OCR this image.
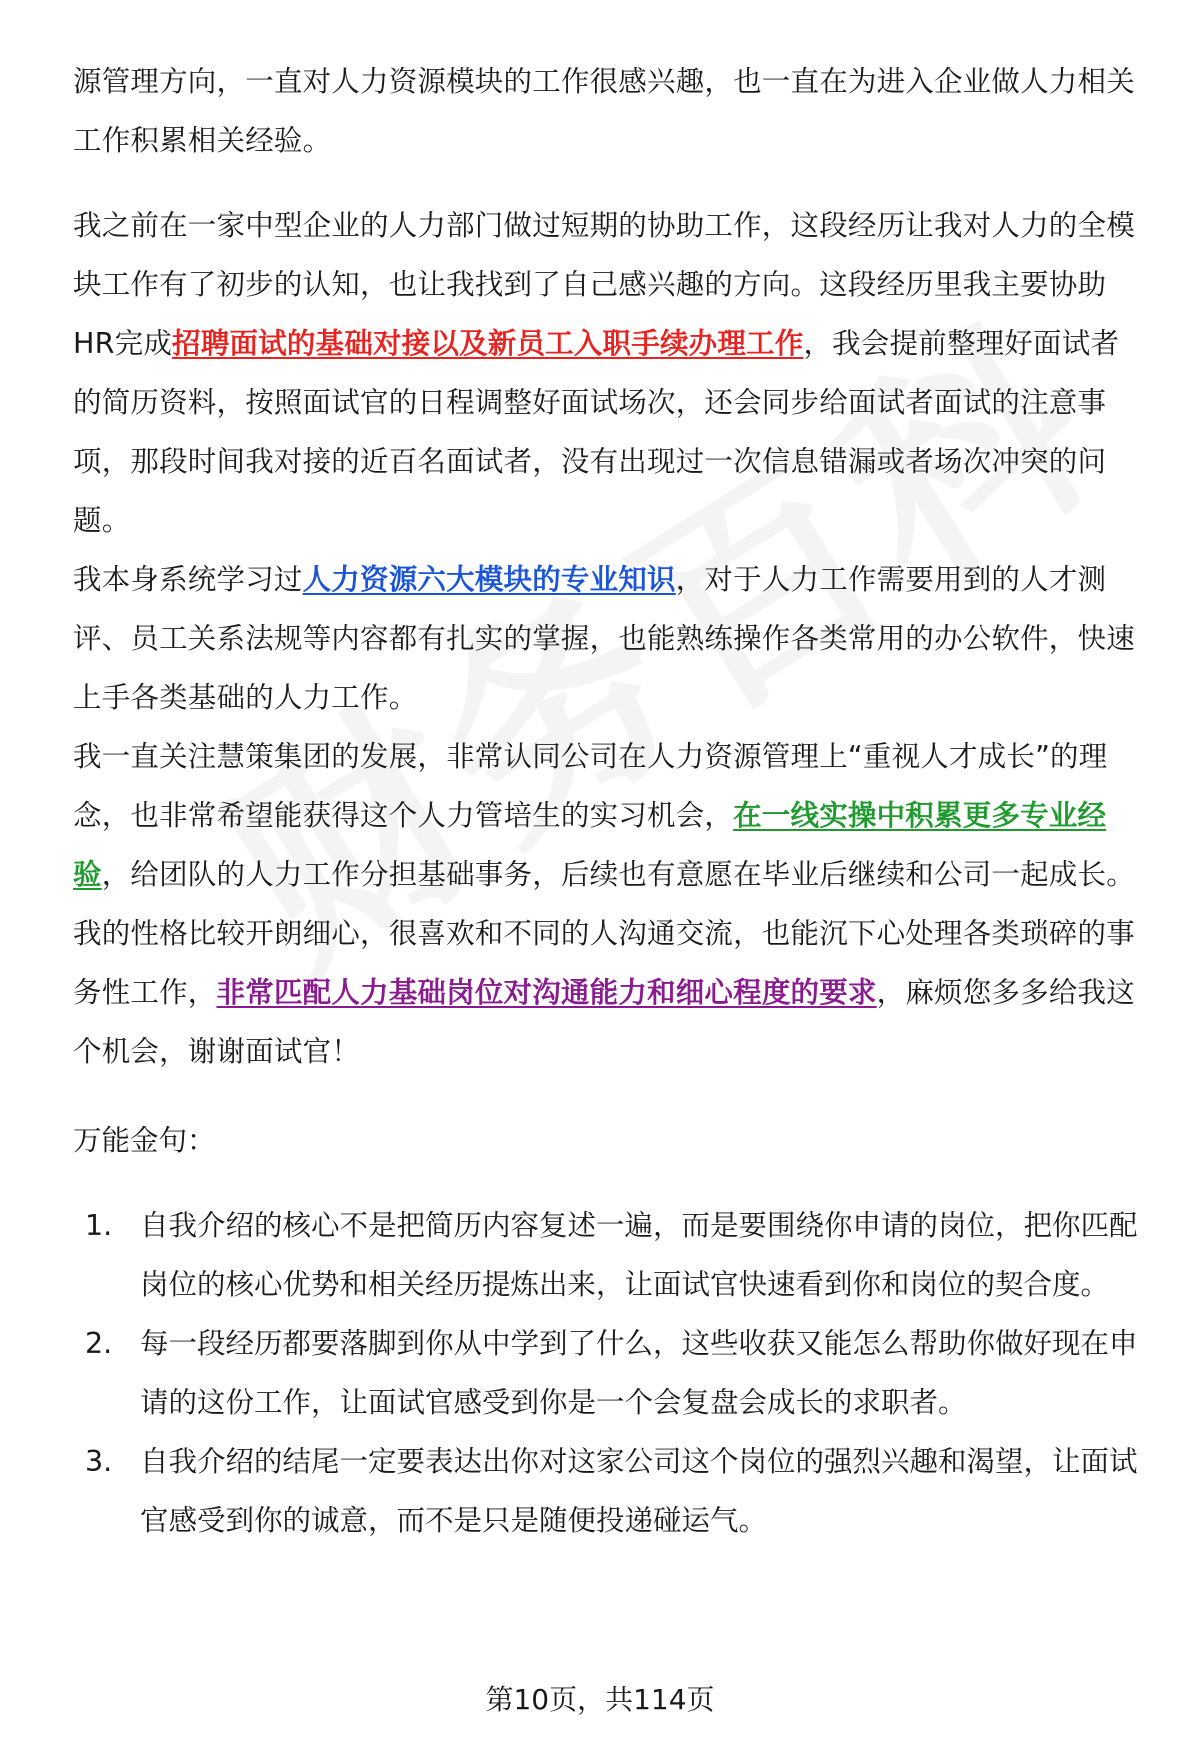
源管理方向，一直对人力资源模块的工作很感兴趣，也一直在为进入企业做人力相关工作积累相关经验。

我之前在一家中型企业的人力部门做过短期的协助工作，这段经历让我对人力的全模块工作有了初步的认知，也让我找到了自己感兴趣的方向。这段经历里我主要协助HR完成招聘面试的基础对接以及新员工入职手续办理工作，我会提前整理好面试者的简历资料，按照面试官的日程调整好面试场次，还会同步给面试者面试的注意事项，那段时间我对接的近百名面试者，没有出现过一次信息错漏或者场次冲突的问题。

我本身系统学习过人力资源六大模块的专业知识，对于人力工作需要用到的人才测评、员工关系法规等内容都有扎实的掌握，也能熟练操作各类常用的办公软件，快速上手各类基础的人力工作。

我一直关注慧策集团的发展，非常认同公司在人力资源管理上“重视人才成长”的理念，也非常希望能获得这个人力管培生的实习机会，在一线实操中积累更多专业经验，给团队的人力工作分担基础事务，后续也有意愿在毕业后继续和公司一起成长。

我的性格比较开朗细心，很喜欢和不同的人沟通交流，也能沉下心处理各类琐碎的事务性工作，非常匹配人力基础岗位对沟通能力和细心程度的要求，麻烦您多多给我这个机会，谢谢面试官！

万能金句：

1. 自我介绍的核心不是把简历内容复述一遍，而是要围绕你申请的岗位，把你匹配岗位的核心优势和相关经历提炼出来，让面试官快速看到你和岗位的契合度。
2. 每一段经历都要落脚到你从中学到了什么，这些收获又能怎么帮助你做好现在申请的这份工作，让面试官感受到你是一个会复盘会成长的求职者。
3. 自我介绍的结尾一定要表达出你对这家公司这个岗位的强烈兴趣和渴望，让面试官感受到你的诚意，而不是只是随便投递碰运气。
第10页，共114页
